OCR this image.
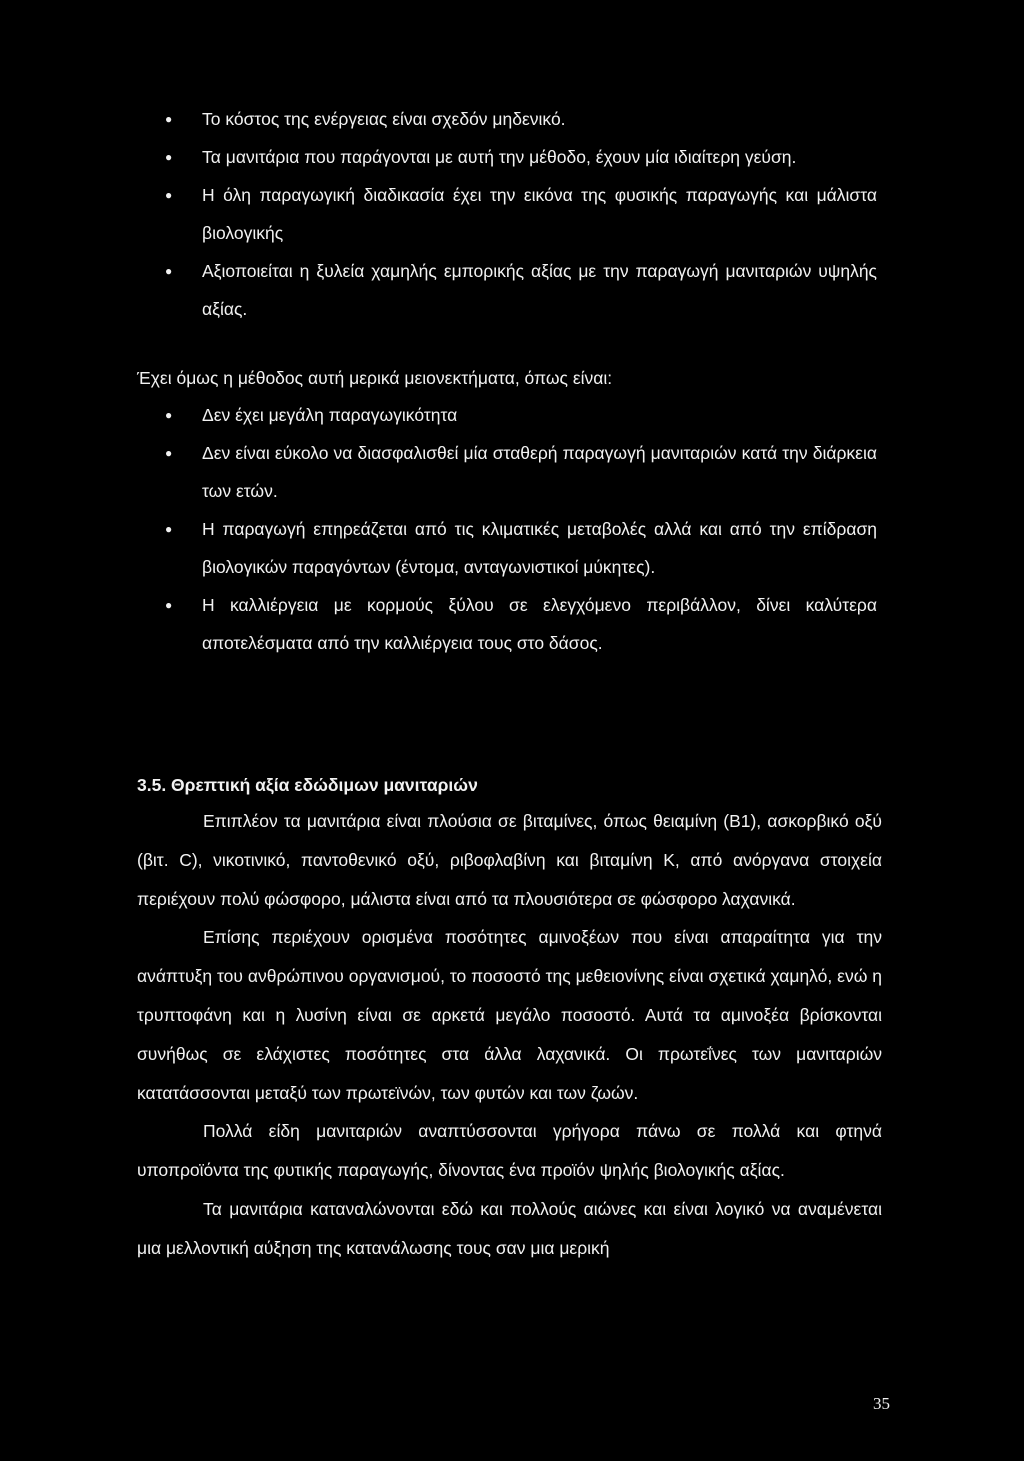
● Το κόστος της ενέργειας είναι σχεδόν μηδενικό.
● Τα μανιτάρια που παράγονται με αυτή την μέθοδο, έχουν μία ιδιαίτερη γεύση.
● Η όλη παραγωγική διαδικασία έχει την εικόνα της φυσικής παραγωγής και μάλιστα βιολογικής
● Αξιοποιείται η ξυλεία χαμηλής εμπορικής αξίας με την παραγωγή μανιταριών υψηλής αξίας.
Έχει όμως η μέθοδος αυτή μερικά μειονεκτήματα, όπως είναι:
● Δεν έχει μεγάλη παραγωγικότητα
● Δεν είναι εύκολο να διασφαλισθεί μία σταθερή παραγωγή μανιταριών κατά την διάρκεια των ετών.
● Η παραγωγή επηρεάζεται από τις κλιματικές μεταβολές αλλά και από την επίδραση βιολογικών παραγόντων (έντομα, ανταγωνιστικοί μύκητες).
● Η καλλιέργεια με κορμούς ξύλου σε ελεγχόμενο περιβάλλον, δίνει καλύτερα αποτελέσματα από την καλλιέργεια τους στο δάσος.
3.5. Θρεπτική αξία εδώδιμων μανιταριών

Επιπλέον τα μανιτάρια είναι πλούσια σε βιταμίνες, όπως θειαμίνη (Β1), ασκορβικό οξύ (βιτ. C), νικοτινικό, παντοθενικό οξύ, ριβοφλαβίνη και βιταμίνη Κ, από ανόργανα στοιχεία περιέχουν πολύ φώσφορο, μάλιστα είναι από τα πλουσιότερα σε φώσφορο λαχανικά.

Επίσης περιέχουν ορισμένα ποσότητες αμινοξέων που είναι απαραίτητα για την ανάπτυξη του ανθρώπινου οργανισμού, το ποσοστό της μεθειονίνης είναι σχετικά χαμηλό, ενώ η τρυπτοφάνη και η λυσίνη είναι σε αρκετά μεγάλο ποσοστό. Αυτά τα αμινοξέα βρίσκονται συνήθως σε ελάχιστες ποσότητες στα άλλα λαχανικά. Οι πρωτεΐνες των μανιταριών κατατάσσονται μεταξύ των πρωτεϊνών, των φυτών και των ζωών.

Πολλά είδη μανιταριών αναπτύσσονται γρήγορα πάνω σε πολλά και φτηνά υποπροϊόντα της φυτικής παραγωγής, δίνοντας ένα προϊόν ψηλής βιολογικής αξίας.

Τα μανιτάρια καταναλώνονται εδώ και πολλούς αιώνες και είναι λογικό να αναμένεται μια μελλοντική αύξηση της κατανάλωσης τους σαν μια μερική

35
